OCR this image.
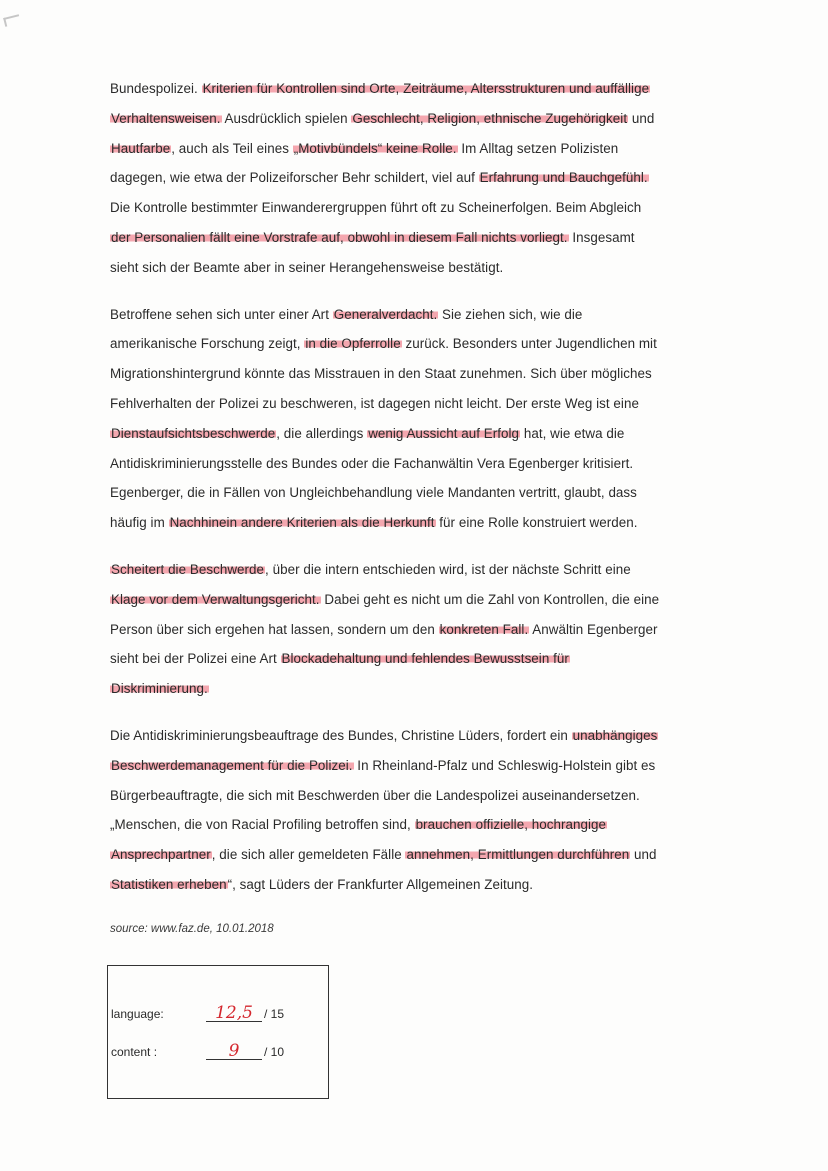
Bundespolizei. Kriterien für Kontrollen sind Orte, Zeiträume, Altersstrukturen und auffällige
Verhaltensweisen. Ausdrücklich spielen Geschlecht, Religion, ethnische Zugehörigkeit und
Hautfarbe, auch als Teil eines „Motivbündels“ keine Rolle. Im Alltag setzen Polizisten
dagegen, wie etwa der Polizeiforscher Behr schildert, viel auf Erfahrung und Bauchgefühl.
Die Kontrolle bestimmter Einwanderergruppen führt oft zu Scheinerfolgen. Beim Abgleich
der Personalien fällt eine Vorstrafe auf, obwohl in diesem Fall nichts vorliegt. Insgesamt
sieht sich der Beamte aber in seiner Herangehensweise bestätigt.
Betroffene sehen sich unter einer Art Generalverdacht. Sie ziehen sich, wie die
amerikanische Forschung zeigt, in die Opferrolle zurück. Besonders unter Jugendlichen mit
Migrationshintergrund könnte das Misstrauen in den Staat zunehmen. Sich über mögliches
Fehlverhalten der Polizei zu beschweren, ist dagegen nicht leicht. Der erste Weg ist eine
Dienstaufsichtsbeschwerde, die allerdings wenig Aussicht auf Erfolg hat, wie etwa die
Antidiskriminierungsstelle des Bundes oder die Fachanwältin Vera Egenberger kritisiert.
Egenberger, die in Fällen von Ungleichbehandlung viele Mandanten vertritt, glaubt, dass
häufig im Nachhinein andere Kriterien als die Herkunft für eine Rolle konstruiert werden.
Scheitert die Beschwerde, über die intern entschieden wird, ist der nächste Schritt eine
Klage vor dem Verwaltungsgericht. Dabei geht es nicht um die Zahl von Kontrollen, die eine
Person über sich ergehen hat lassen, sondern um den konkreten Fall. Anwältin Egenberger
sieht bei der Polizei eine Art Blockadehaltung und fehlendes Bewusstsein für
Diskriminierung.
Die Antidiskriminierungsbeauftrage des Bundes, Christine Lüders, fordert ein unabhängiges
Beschwerdemanagement für die Polizei. In Rheinland-Pfalz und Schleswig-Holstein gibt es
Bürgerbeauftragte, die sich mit Beschwerden über die Landespolizei auseinandersetzen.
„Menschen, die von Racial Profiling betroffen sind, brauchen offizielle, hochrangige
Ansprechpartner, die sich aller gemeldeten Fälle annehmen, Ermittlungen durchführen und
Statistiken erheben“, sagt Lüders der Frankfurter Allgemeinen Zeitung.
source: www.faz.de, 10.01.2018
language:	12,5 / 15
content :	9 / 10
